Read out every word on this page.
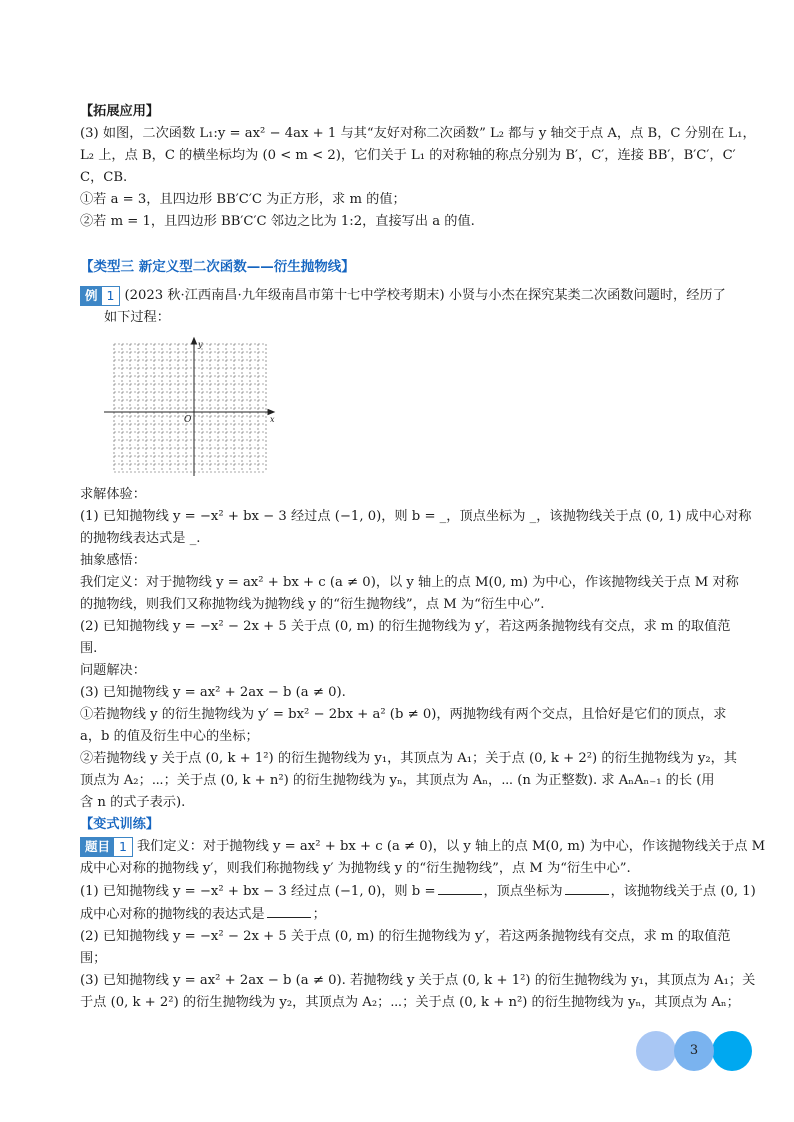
【拓展应用】
(3) 如图，二次函数 L₁:y = ax² − 4ax + 1 与其“友好对称二次函数” L₂ 都与 y 轴交于点 A，点 B，C 分别在 L₁，
L₂ 上，点 B，C 的横坐标均为 (0 < m < 2)，它们关于 L₁ 的对称轴的称点分别为 B′，C′，连接 BB′，B′C′，C′
C，CB.
①若 a = 3，且四边形 BB′C′C 为正方形，求 m 的值；
②若 m = 1，且四边形 BB′C′C 邻边之比为 1:2，直接写出 a 的值.
【类型三 新定义型二次函数——衍生抛物线】
例 1 (2023 秋·江西南昌·九年级南昌市第十七中学校考期末) 小贤与小杰在探究某类二次函数问题时，经历了
如下过程：
y
x
O
求解体验：
(1) 已知抛物线 y = −x² + bx − 3 经过点 (−1, 0)，则 b = _，顶点坐标为 _，该抛物线关于点 (0, 1) 成中心对称
的抛物线表达式是 _.
抽象感悟：
我们定义：对于抛物线 y = ax² + bx + c (a ≠ 0)，以 y 轴上的点 M(0, m) 为中心，作该抛物线关于点 M 对称
的抛物线，则我们又称抛物线为抛物线 y 的“衍生抛物线”，点 M 为“衍生中心”.
(2) 已知抛物线 y = −x² − 2x + 5 关于点 (0, m) 的衍生抛物线为 y′，若这两条抛物线有交点，求 m 的取值范
围.
问题解决：
(3) 已知抛物线 y = ax² + 2ax − b (a ≠ 0).
①若抛物线 y 的衍生抛物线为 y′ = bx² − 2bx + a² (b ≠ 0)，两抛物线有两个交点，且恰好是它们的顶点，求
a，b 的值及衍生中心的坐标；
②若抛物线 y 关于点 (0, k + 1²) 的衍生抛物线为 y₁，其顶点为 A₁；关于点 (0, k + 2²) 的衍生抛物线为 y₂，其
顶点为 A₂；⋯；关于点 (0, k + n²) 的衍生抛物线为 yₙ，其顶点为 Aₙ，⋯ (n 为正整数). 求 AₙAₙ₋₁ 的长 (用
含 n 的式子表示).
【变式训练】
题目 1 我们定义：对于抛物线 y = ax² + bx + c (a ≠ 0)，以 y 轴上的点 M(0, m) 为中心，作该抛物线关于点 M
成中心对称的抛物线 y′，则我们称抛物线 y′ 为抛物线 y 的“衍生抛物线”，点 M 为“衍生中心”.
(1) 已知抛物线 y = −x² + bx − 3 经过点 (−1, 0)，则 b =	，顶点坐标为	，该抛物线关于点 (0, 1)
成中心对称的抛物线的表达式是	；
(2) 已知抛物线 y = −x² − 2x + 5 关于点 (0, m) 的衍生抛物线为 y′，若这两条抛物线有交点，求 m 的取值范
围；
(3) 已知抛物线 y = ax² + 2ax − b (a ≠ 0). 若抛物线 y 关于点 (0, k + 1²) 的衍生抛物线为 y₁，其顶点为 A₁；关
于点 (0, k + 2²) 的衍生抛物线为 y₂，其顶点为 A₂；⋯；关于点 (0, k + n²) 的衍生抛物线为 yₙ，其顶点为 Aₙ；
3
